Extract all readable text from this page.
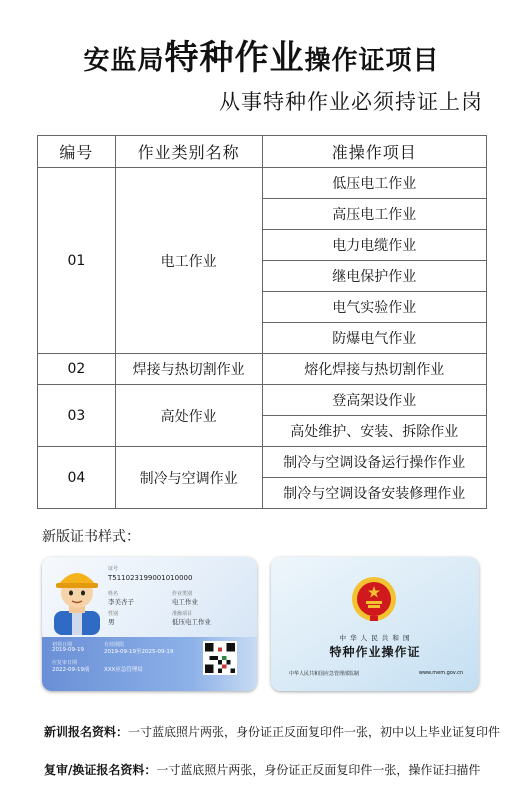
安监局特种作业操作证项目
从事特种作业必须持证上岗
编号	作业类别名称	准操作项目
01	电工作业	低压电工作业
		高压电工作业
		电力电缆作业
		继电保护作业
		电气实验作业
		防爆电气作业
02	焊接与热切割作业	熔化焊接与热切割作业
03	高处作业	登高架设作业
		高处维护、安装、拆除作业
04	制冷与空调作业	制冷与空调设备运行操作作业
		制冷与空调设备安装修理作业
新版证书样式：
证号
T511023199001010000
姓名
李美杏子
作业类别
电工作业
性别
男
准操项目
低压电工作业
初领日期
2019-09-19
有效期限
2019-09-19至2025-09-19
应复审日期
2022-09-19前	XXX应急管理局
中 华 人 民 共 和 国
特种作业操作证
中华人民共和国应急管理部监制	www.mem.gov.cn
新训报名资料：一寸蓝底照片两张，身份证正反面复印件一张，初中以上毕业证复印件
复审/换证报名资料：一寸蓝底照片两张，身份证正反面复印件一张，操作证扫描件
